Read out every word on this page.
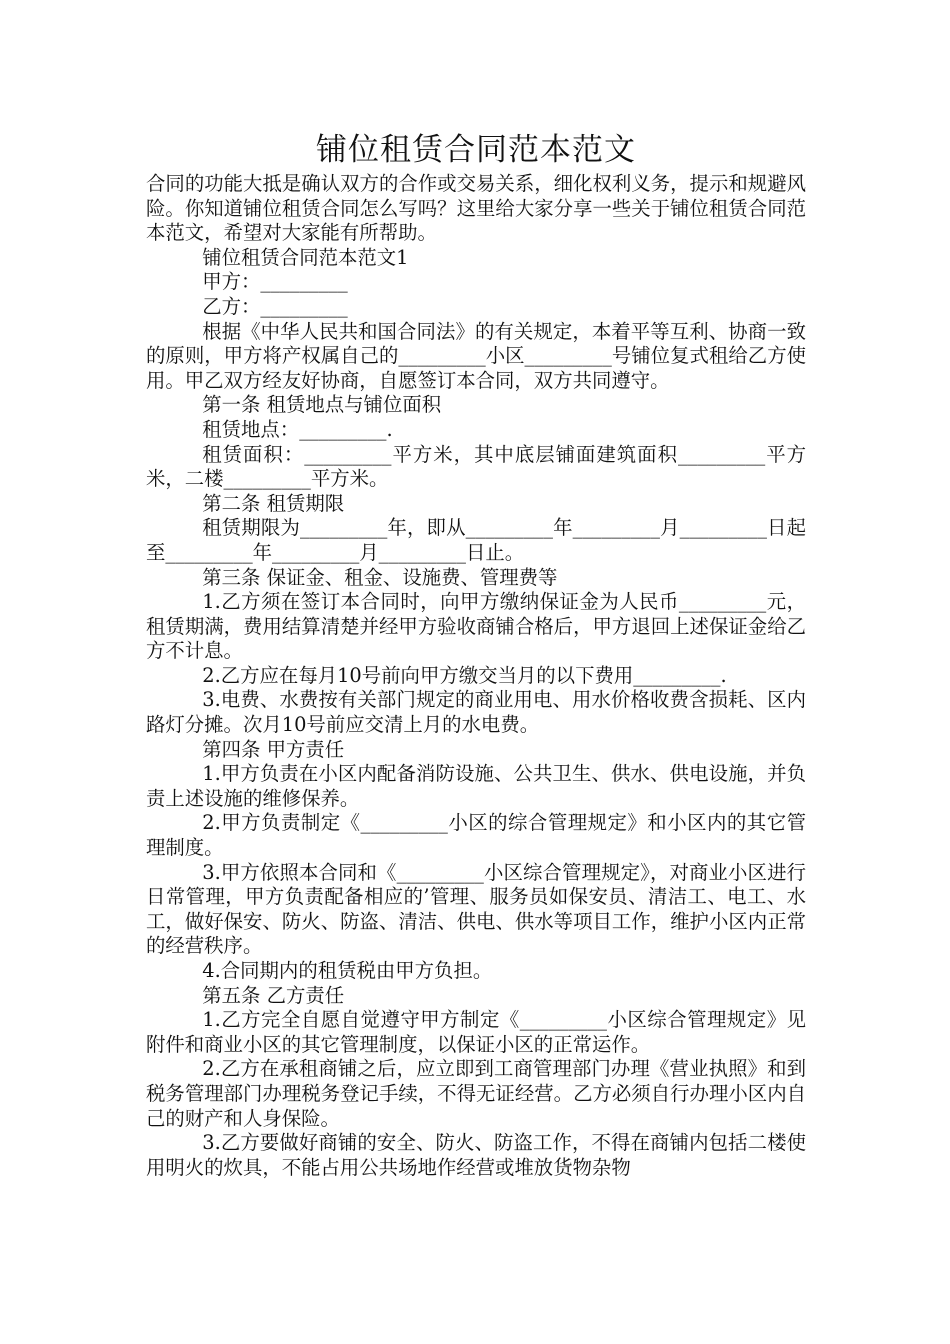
铺位租赁合同范本范文

合同的功能大抵是确认双方的合作或交易关系，细化权利义务，提示和规避风险。你知道铺位租赁合同怎么写吗？这里给大家分享一些关于铺位租赁合同范本范文，希望对大家能有所帮助。

铺位租赁合同范本范文1

甲方：_________

乙方：_________

根据《中华人民共和国合同法》的有关规定，本着平等互利、协商一致的原则，甲方将产权属自己的_________小区_________号铺位复式租给乙方使用。甲乙双方经友好协商，自愿签订本合同，双方共同遵守。

第一条 租赁地点与铺位面积

租赁地点：_________.

租赁面积：_________平方米，其中底层铺面建筑面积_________平方米，二楼_________平方米。

第二条 租赁期限

租赁期限为_________年，即从_________年_________月_________日起至_________年_________月_________日止。

第三条 保证金、租金、设施费、管理费等

1.乙方须在签订本合同时，向甲方缴纳保证金为人民币_________元，租赁期满，费用结算清楚并经甲方验收商铺合格后，甲方退回上述保证金给乙方不计息。

2.乙方应在每月10号前向甲方缴交当月的以下费用_________.

3.电费、水费按有关部门规定的商业用电、用水价格收费含损耗、区内路灯分摊。次月10号前应交清上月的水电费。

第四条 甲方责任

1.甲方负责在小区内配备消防设施、公共卫生、供水、供电设施，并负责上述设施的维修保养。

2.甲方负责制定《_________小区的综合管理规定》和小区内的其它管理制度。

3.甲方依照本合同和《_________小区综合管理规定》，对商业小区进行日常管理，甲方负责配备相应的’管理、服务员如保安员、清洁工、电工、水工，做好保安、防火、防盗、清洁、供电、供水等项目工作，维护小区内正常的经营秩序。

4.合同期内的租赁税由甲方负担。

第五条 乙方责任

1.乙方完全自愿自觉遵守甲方制定《_________小区综合管理规定》见附件和商业小区的其它管理制度，以保证小区的正常运作。

2.乙方在承租商铺之后，应立即到工商管理部门办理《营业执照》和到税务管理部门办理税务登记手续，不得无证经营。乙方必须自行办理小区内自己的财产和人身保险。

3.乙方要做好商铺的安全、防火、防盗工作，不得在商铺内包括二楼使用明火的炊具，不能占用公共场地作经营或堆放货物杂物
